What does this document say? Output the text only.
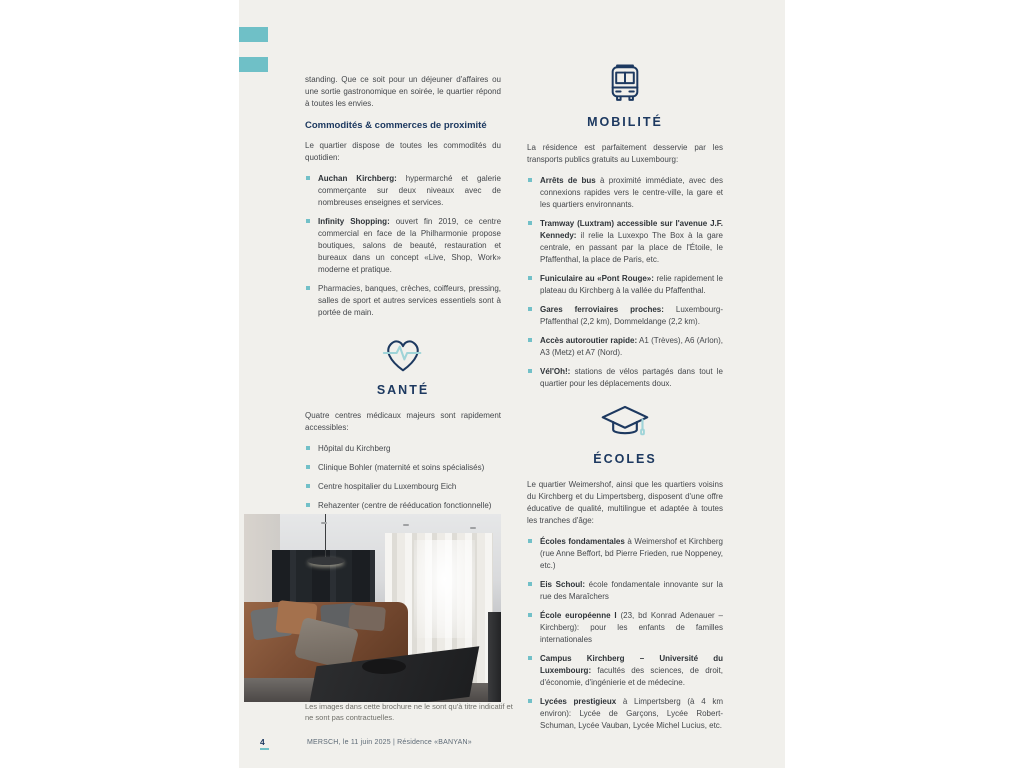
standing. Que ce soit pour un déjeuner d'affaires ou une sortie gastronomique en soirée, le quartier répond à toutes les envies.

Commodités & commerces de proximité

Le quartier dispose de toutes les commodités du quotidien:

Auchan Kirchberg: hypermarché et galerie commerçante sur deux niveaux avec de nombreuses enseignes et services.
Infinity Shopping: ouvert fin 2019, ce centre commercial en face de la Philharmonie propose boutiques, salons de beauté, restauration et bureaux dans un concept «Live, Shop, Work» moderne et pratique.
Pharmacies, banques, crèches, coiffeurs, pressing, salles de sport et autres services essentiels sont à portée de main.
SANTÉ

Quatre centres médicaux majeurs sont rapidement accessibles:

Hôpital du Kirchberg
Clinique Bohler (maternité et soins spécialisés)
Centre hospitalier du Luxembourg Eich
Rehazenter (centre de rééducation fonctionnelle)

Les images dans cette brochure ne le sont qu'à titre indicatif et ne sont pas contractuelles.
MOBILITÉ

La résidence est parfaitement desservie par les transports publics gratuits au Luxembourg:

Arrêts de bus à proximité immédiate, avec des connexions rapides vers le centre-ville, la gare et les quartiers environnants.
Tramway (Luxtram) accessible sur l'avenue J.F. Kennedy: il relie la Luxexpo The Box à la gare centrale, en passant par la place de l'Étoile, le Pfaffenthal, la place de Paris, etc.
Funiculaire au «Pont Rouge»: relie rapidement le plateau du Kirchberg à la vallée du Pfaffenthal.
Gares ferroviaires proches: Luxembourg-Pfaffenthal (2,2 km), Dommeldange (2,2 km).
Accès autoroutier rapide: A1 (Trèves), A6 (Arlon), A3 (Metz) et A7 (Nord).
Vél'Oh!: stations de vélos partagés dans tout le quartier pour les déplacements doux.
ÉCOLES

Le quartier Weimershof, ainsi que les quartiers voisins du Kirchberg et du Limpertsberg, disposent d'une offre éducative de qualité, multilingue et adaptée à toutes les tranches d'âge:

Écoles fondamentales à Weimershof et Kirchberg (rue Anne Beffort, bd Pierre Frieden, rue Noppeney, etc.)
Eis Schoul: école fondamentale innovante sur la rue des Maraîchers
École européenne I (23, bd Konrad Adenauer – Kirchberg): pour les enfants de familles internationales
Campus Kirchberg – Université du Luxembourg: facultés des sciences, de droit, d'économie, d'ingénierie et de médecine.
Lycées prestigieux à Limpertsberg (à 4 km environ): Lycée de Garçons, Lycée Robert-Schuman, Lycée Vauban, Lycée Michel Lucius, etc.
4	MERSCH, le 11 juin 2025 | Résidence «BANYAN»
